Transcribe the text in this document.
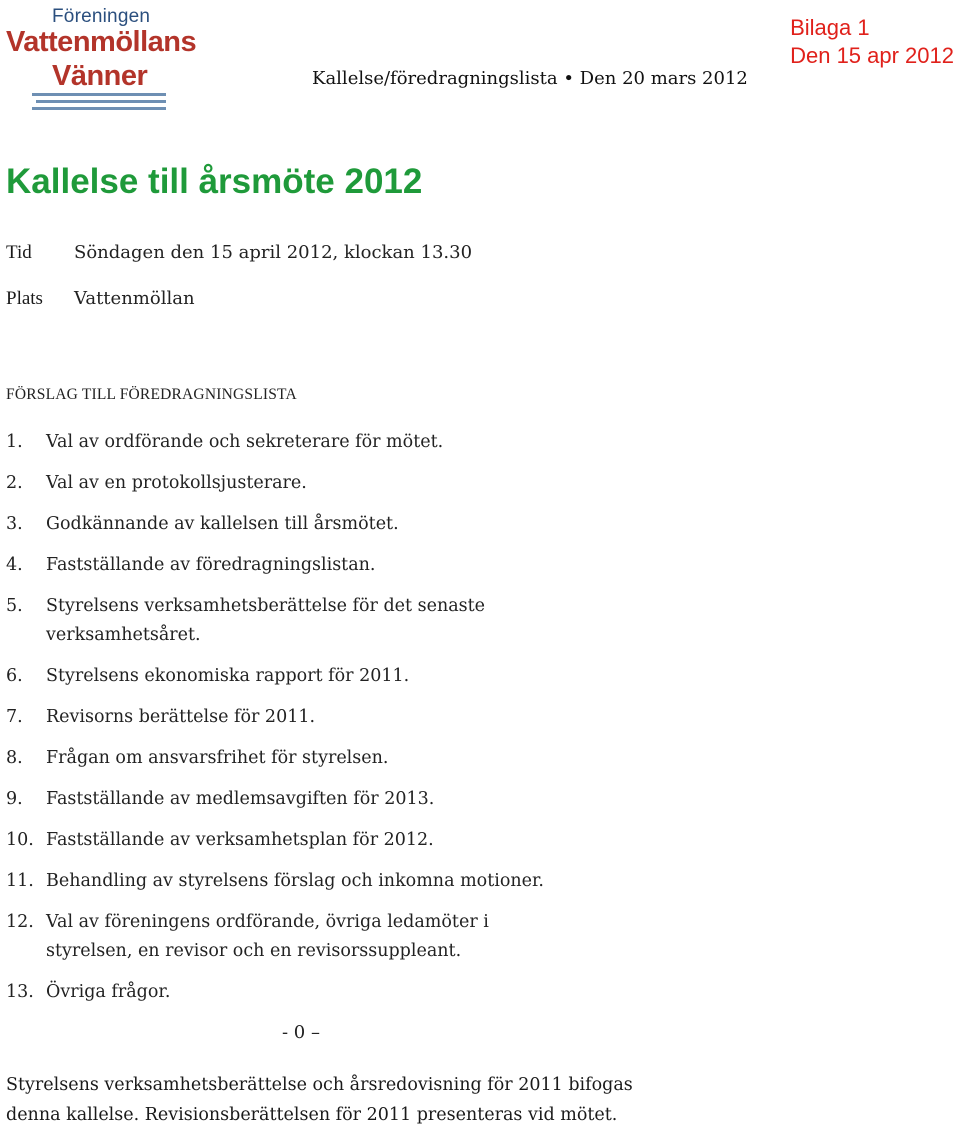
Föreningen
Vattenmöllans
Vänner	Kallelse/föredragningslista • Den 20 mars 2012
Bilaga 1
Den 15 apr 2012
Kallelse till årsmöte 2012
Tid	Söndagen den 15 april 2012, klockan 13.30
Plats	Vattenmöllan
FÖRSLAG TILL FÖREDRAGNINGSLISTA
1.	Val av ordförande och sekreterare för mötet.
2.	Val av en protokollsjusterare.
3.	Godkännande av kallelsen till årsmötet.
4.	Fastställande av föredragningslistan.
5.	Styrelsens verksamhetsberättelse för det senaste verksamhetsåret.
6.	Styrelsens ekonomiska rapport för 2011.
7.	Revisorns berättelse för 2011.
8.	Frågan om ansvarsfrihet för styrelsen.
9.	Fastställande av medlemsavgiften för 2013.
10. Fastställande av verksamhetsplan för 2012.
11. Behandling av styrelsens förslag och inkomna motioner.
12. Val av föreningens ordförande, övriga ledamöter i styrelsen, en revisor och en revisorssuppleant.
13. Övriga frågor.
- 0 –
Styrelsens verksamhetsberättelse och årsredovisning för 2011 bifogas denna kallelse. Revisionsberättelsen för 2011 presenteras vid mötet.
